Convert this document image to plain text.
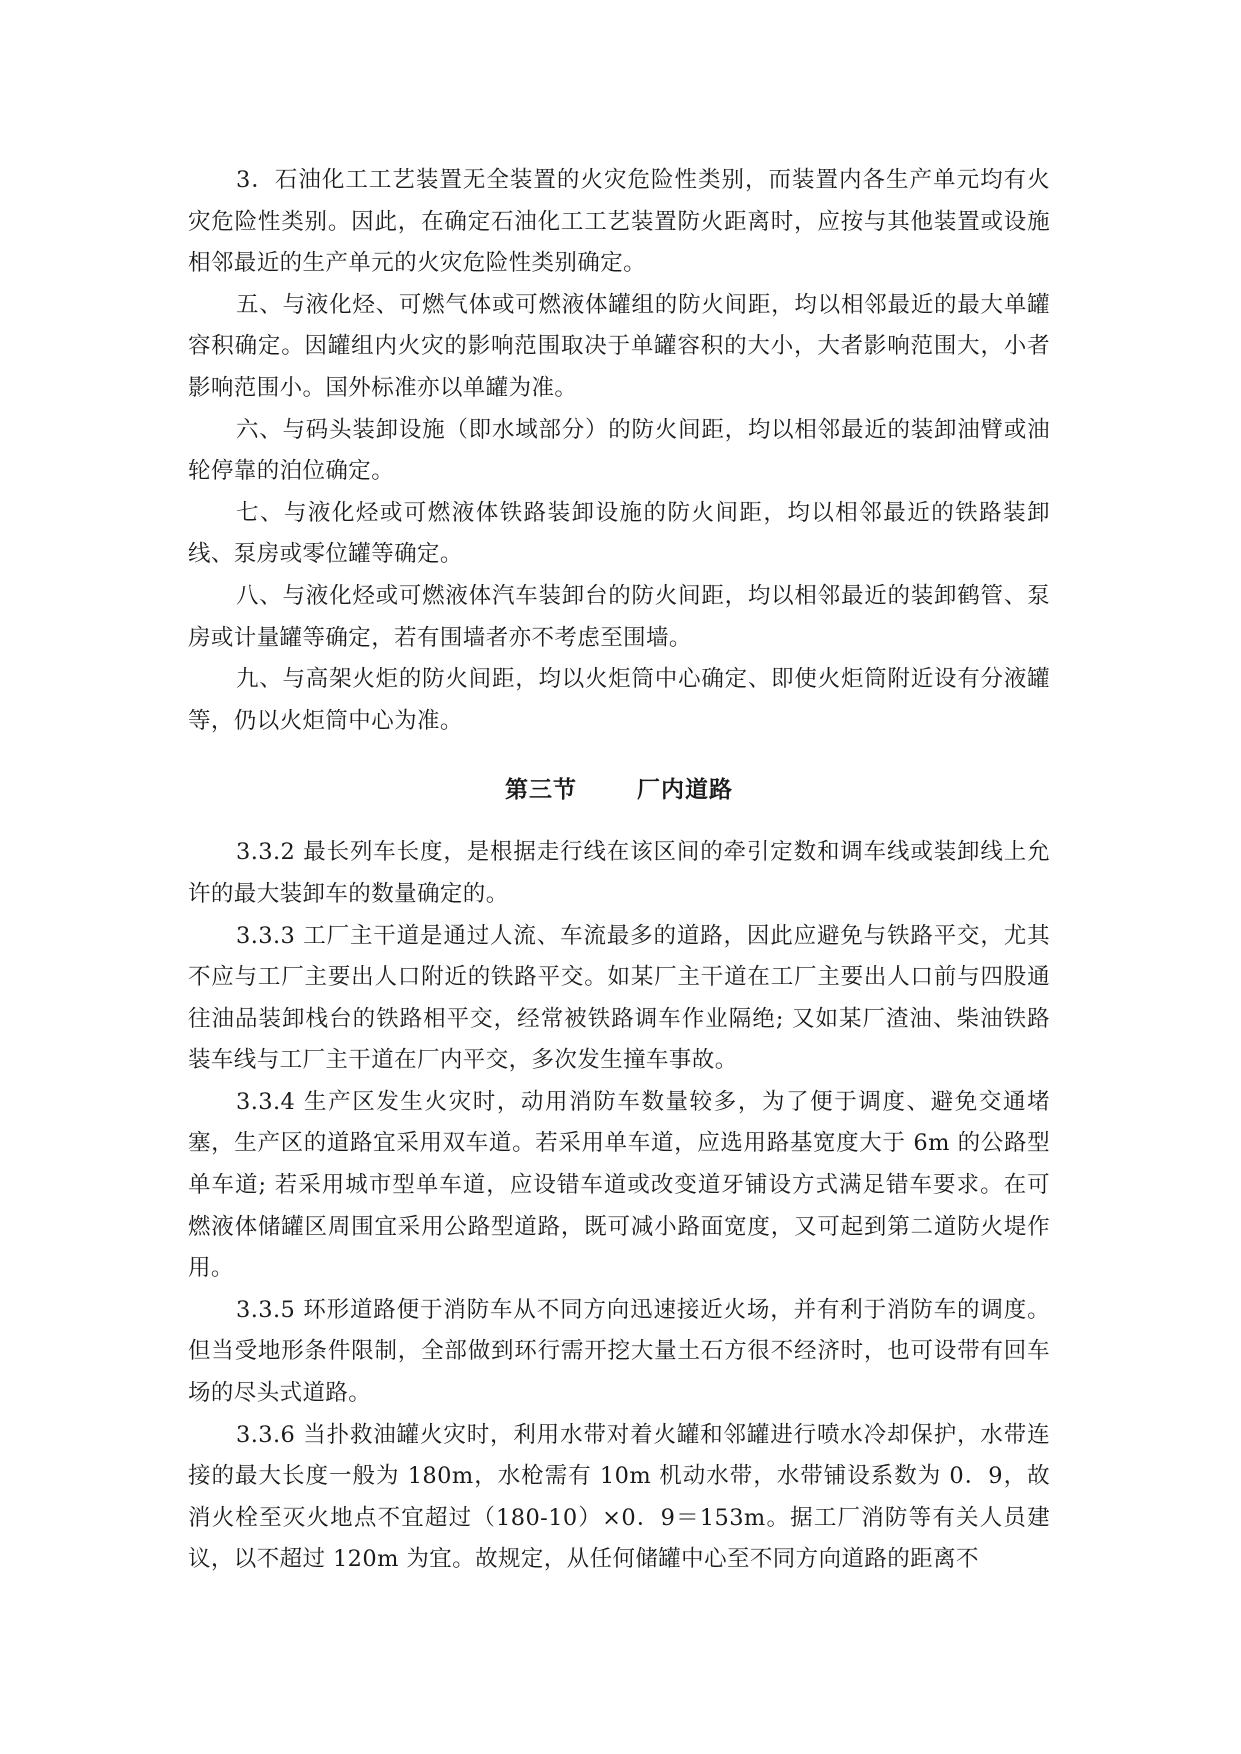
3．石油化工工艺装置无全装置的火灾危险性类别，而装置内各生产单元均有火灾危险性类别。因此，在确定石油化工工艺装置防火距离时，应按与其他装置或设施相邻最近的生产单元的火灾危险性类别确定。

五、与液化烃、可燃气体或可燃液体罐组的防火间距，均以相邻最近的最大单罐容积确定。因罐组内火灾的影响范围取决于单罐容积的大小，大者影响范围大，小者影响范围小。国外标准亦以单罐为准。

六、与码头装卸设施（即水域部分）的防火间距，均以相邻最近的装卸油臂或油轮停靠的泊位确定。

七、与液化烃或可燃液体铁路装卸设施的防火间距，均以相邻最近的铁路装卸线、泵房或零位罐等确定。

八、与液化烃或可燃液体汽车装卸台的防火间距，均以相邻最近的装卸鹤管、泵房或计量罐等确定，若有围墙者亦不考虑至围墙。

九、与高架火炬的防火间距，均以火炬筒中心确定、即使火炬筒附近设有分液罐等，仍以火炬筒中心为准。

第三节	厂内道路

3.3.2 最长列车长度，是根据走行线在该区间的牵引定数和调车线或装卸线上允许的最大装卸车的数量确定的。

3.3.3 工厂主干道是通过人流、车流最多的道路，因此应避免与铁路平交，尤其不应与工厂主要出人口附近的铁路平交。如某厂主干道在工厂主要出人口前与四股通往油品装卸栈台的铁路相平交，经常被铁路调车作业隔绝; 又如某厂渣油、柴油铁路装车线与工厂主干道在厂内平交，多次发生撞车事故。

3.3.4 生产区发生火灾时，动用消防车数量较多，为了便于调度、避免交通堵塞，生产区的道路宜采用双车道。若采用单车道，应选用路基宽度大于 6m 的公路型单车道; 若采用城市型单车道，应设错车道或改变道牙铺设方式满足错车要求。在可燃液体储罐区周围宜采用公路型道路，既可减小路面宽度，又可起到第二道防火堤作用。

3.3.5 环形道路便于消防车从不同方向迅速接近火场，并有利于消防车的调度。但当受地形条件限制，全部做到环行需开挖大量土石方很不经济时，也可设带有回车场的尽头式道路。

3.3.6 当扑救油罐火灾时，利用水带对着火罐和邻罐进行喷水冷却保护，水带连接的最大长度一般为 180m，水枪需有 10m 机动水带，水带铺设系数为 0．9，故消火栓至灭火地点不宜超过（180-10）×0．9＝153m。据工厂消防等有关人员建议，以不超过 120m 为宜。故规定，从任何储罐中心至不同方向道路的距离不
